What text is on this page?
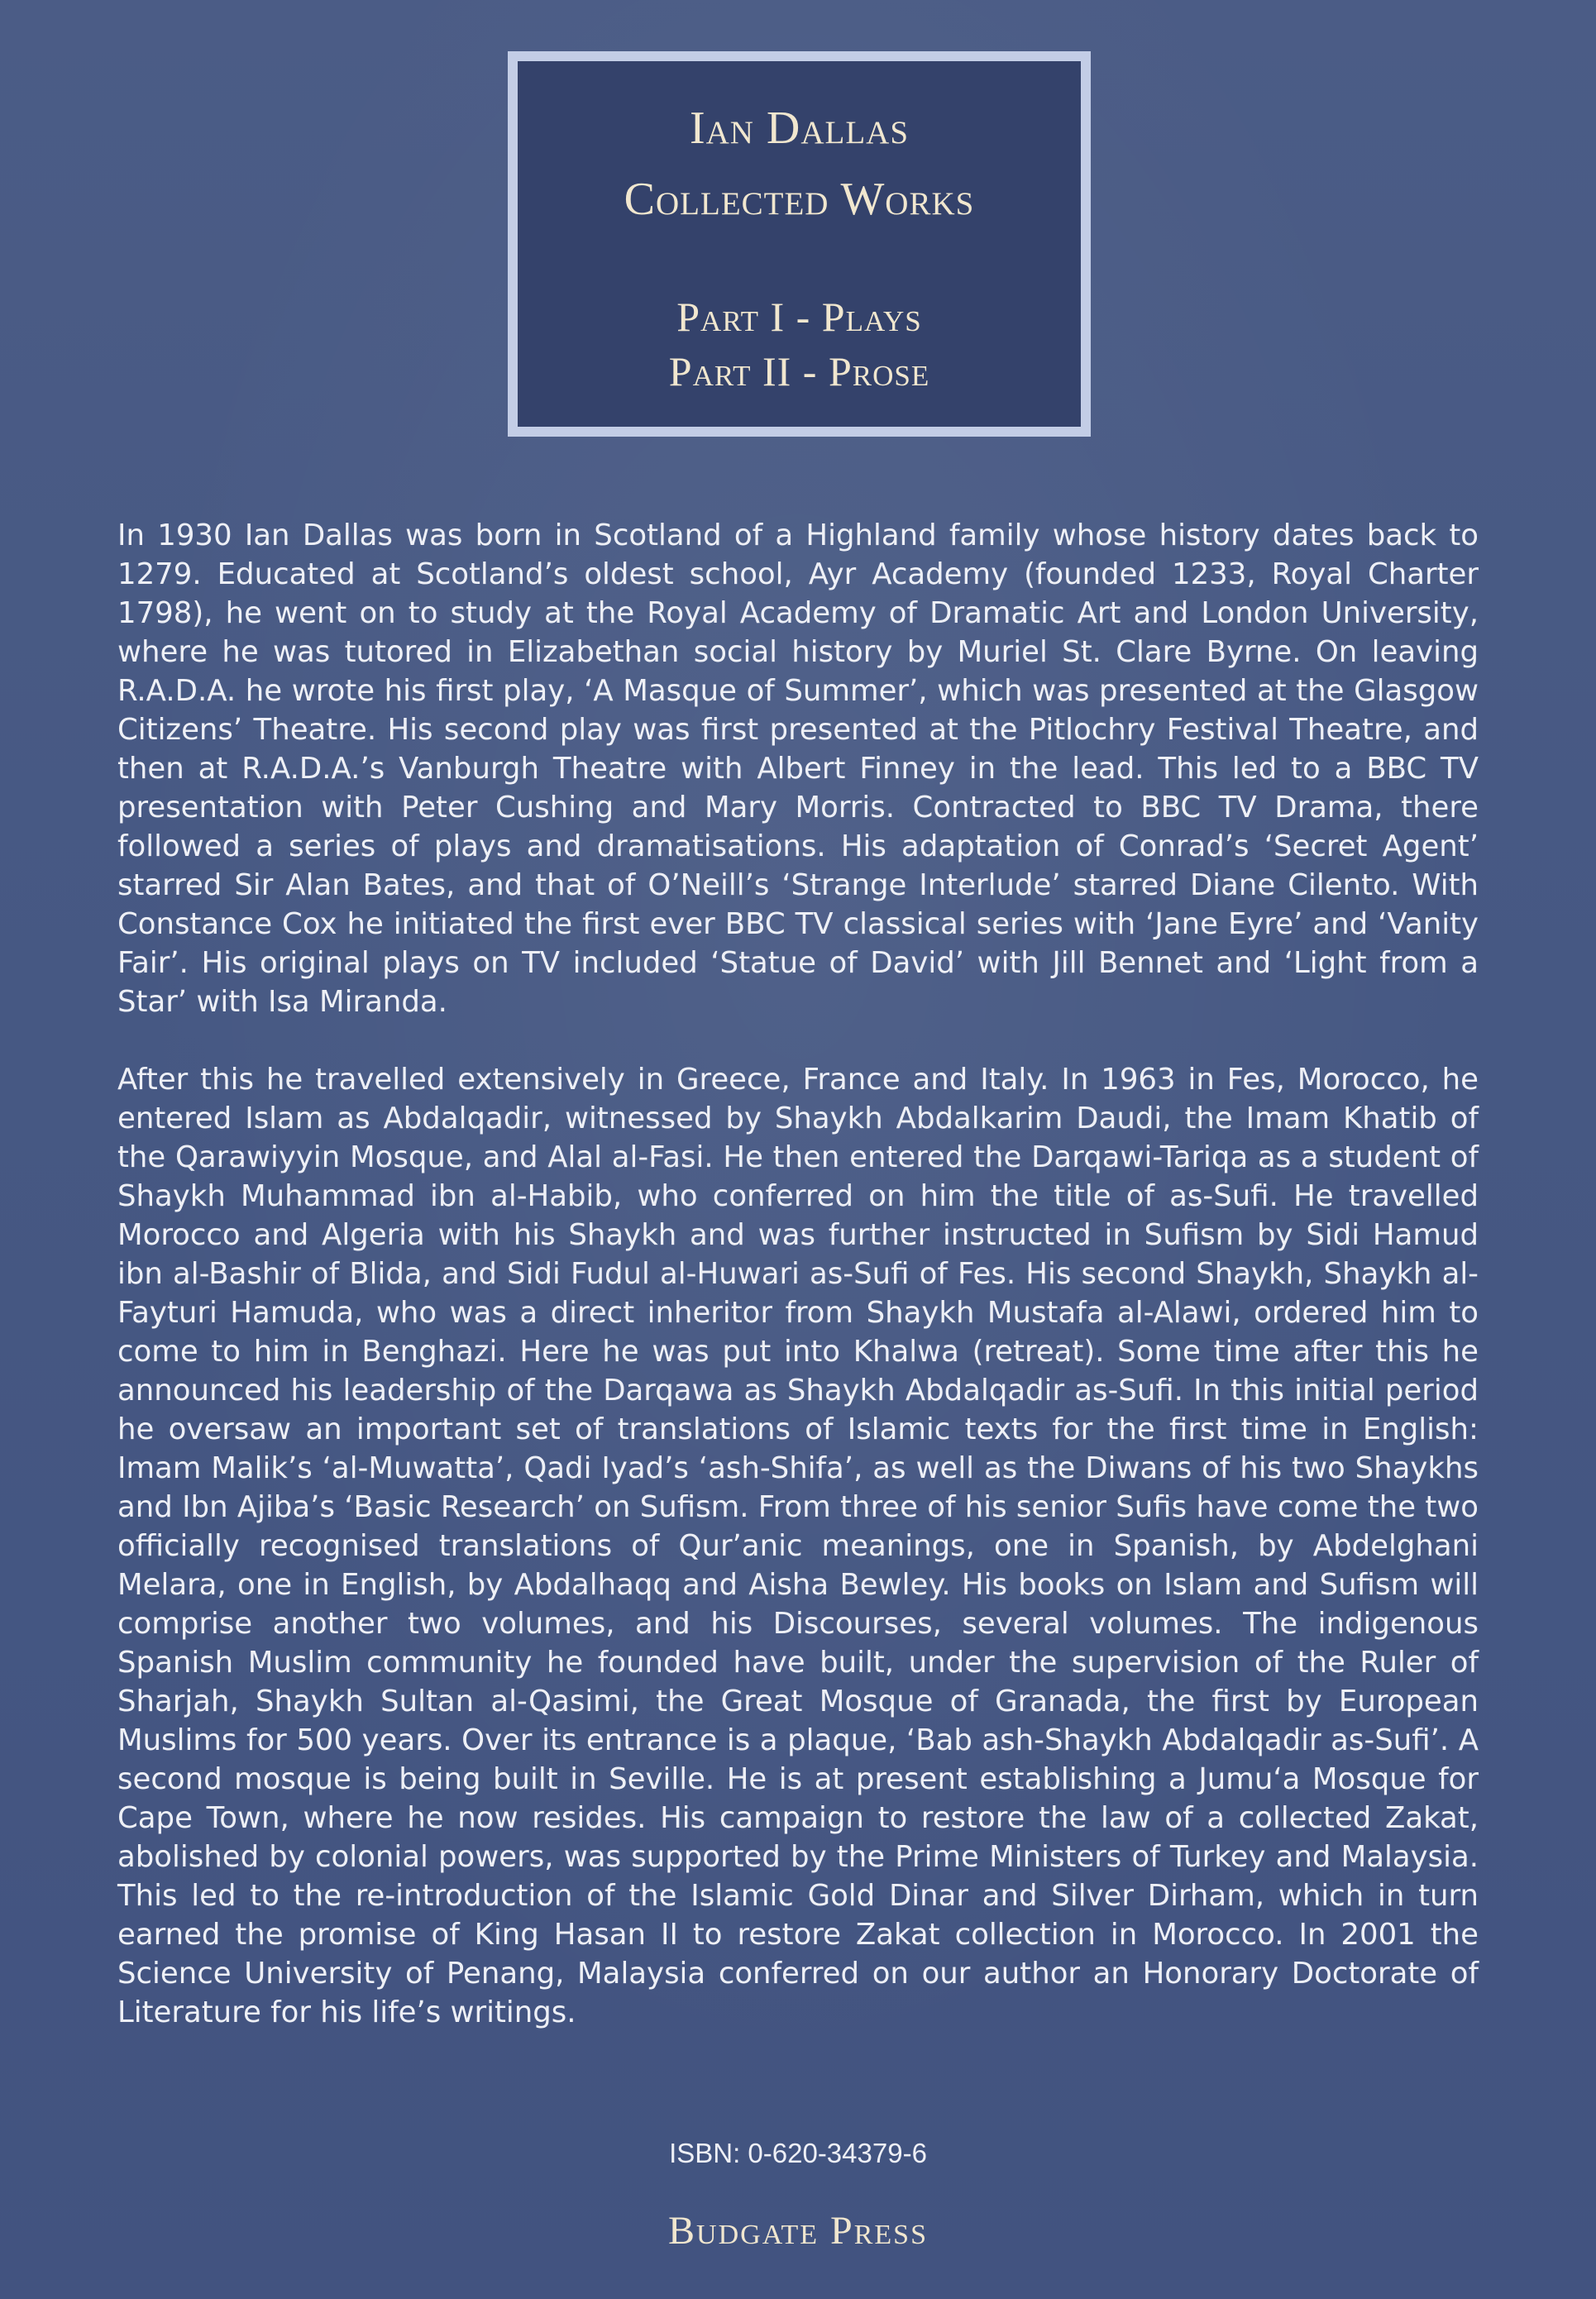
Ian Dallas
Collected Works
Part I - Plays
Part II - Prose

In 1930 Ian Dallas was born in Scotland of a Highland family whose history dates back to 1279. Educated at Scotland’s oldest school, Ayr Academy (founded 1233, Royal Charter 1798), he went on to study at the Royal Academy of Dramatic Art and London University, where he was tutored in Elizabethan social history by Muriel St. Clare Byrne. On leaving R.A.D.A. he wrote his first play, ‘A Masque of Summer’, which was presented at the Glasgow Citizens’ Theatre. His second play was first presented at the Pitlochry Festival Theatre, and then at R.A.D.A.’s Vanburgh Theatre with Albert Finney in the lead. This led to a BBC TV presentation with Peter Cushing and Mary Morris. Contracted to BBC TV Drama, there followed a series of plays and dramatisations. His adaptation of Conrad’s ‘Secret Agent’ starred Sir Alan Bates, and that of O’Neill’s ‘Strange Interlude’ starred Diane Cilento. With Constance Cox he initiated the first ever BBC TV classical series with ‘Jane Eyre’ and ‘Vanity Fair’. His original plays on TV included ‘Statue of David’ with Jill Bennet and ‘Light from a Star’ with Isa Miranda.

After this he travelled extensively in Greece, France and Italy. In 1963 in Fes, Morocco, he entered Islam as Abdalqadir, witnessed by Shaykh Abdalkarim Daudi, the Imam Khatib of the Qarawiyyin Mosque, and Alal al-Fasi. He then entered the Darqawi-Tariqa as a student of Shaykh Muhammad ibn al-Habib, who conferred on him the title of as-Sufi. He travelled Morocco and Algeria with his Shaykh and was further instructed in Sufism by Sidi Hamud ibn al-Bashir of Blida, and Sidi Fudul al-Huwari as-Sufi of Fes. His second Shaykh, Shaykh al-Fayturi Hamuda, who was a direct inheritor from Shaykh Mustafa al-Alawi, ordered him to come to him in Benghazi. Here he was put into Khalwa (retreat). Some time after this he announced his leadership of the Darqawa as Shaykh Abdalqadir as-Sufi. In this initial period he oversaw an important set of translations of Islamic texts for the first time in English: Imam Malik’s ‘al-Muwatta’, Qadi Iyad’s ‘ash-Shifa’, as well as the Diwans of his two Shaykhs and Ibn Ajiba’s ‘Basic Research’ on Sufism. From three of his senior Sufis have come the two officially recognised translations of Qur’anic meanings, one in Spanish, by Abdelghani Melara, one in English, by Abdalhaqq and Aisha Bewley. His books on Islam and Sufism will comprise another two volumes, and his Discourses, several volumes. The indigenous Spanish Muslim community he founded have built, under the supervision of the Ruler of Sharjah, Shaykh Sultan al-Qasimi, the Great Mosque of Granada, the first by European Muslims for 500 years. Over its entrance is a plaque, ‘Bab ash-Shaykh Abdalqadir as-Sufi’. A second mosque is being built in Seville. He is at present establishing a Jumu‘a Mosque for Cape Town, where he now resides. His campaign to restore the law of a collected Zakat, abolished by colonial powers, was supported by the Prime Ministers of Turkey and Malaysia. This led to the re-introduction of the Islamic Gold Dinar and Silver Dirham, which in turn earned the promise of King Hasan II to restore Zakat collection in Morocco. In 2001 the Science University of Penang, Malaysia conferred on our author an Honorary Doctorate of Literature for his life’s writings.

ISBN: 0-620-34379-6
Budgate Press
